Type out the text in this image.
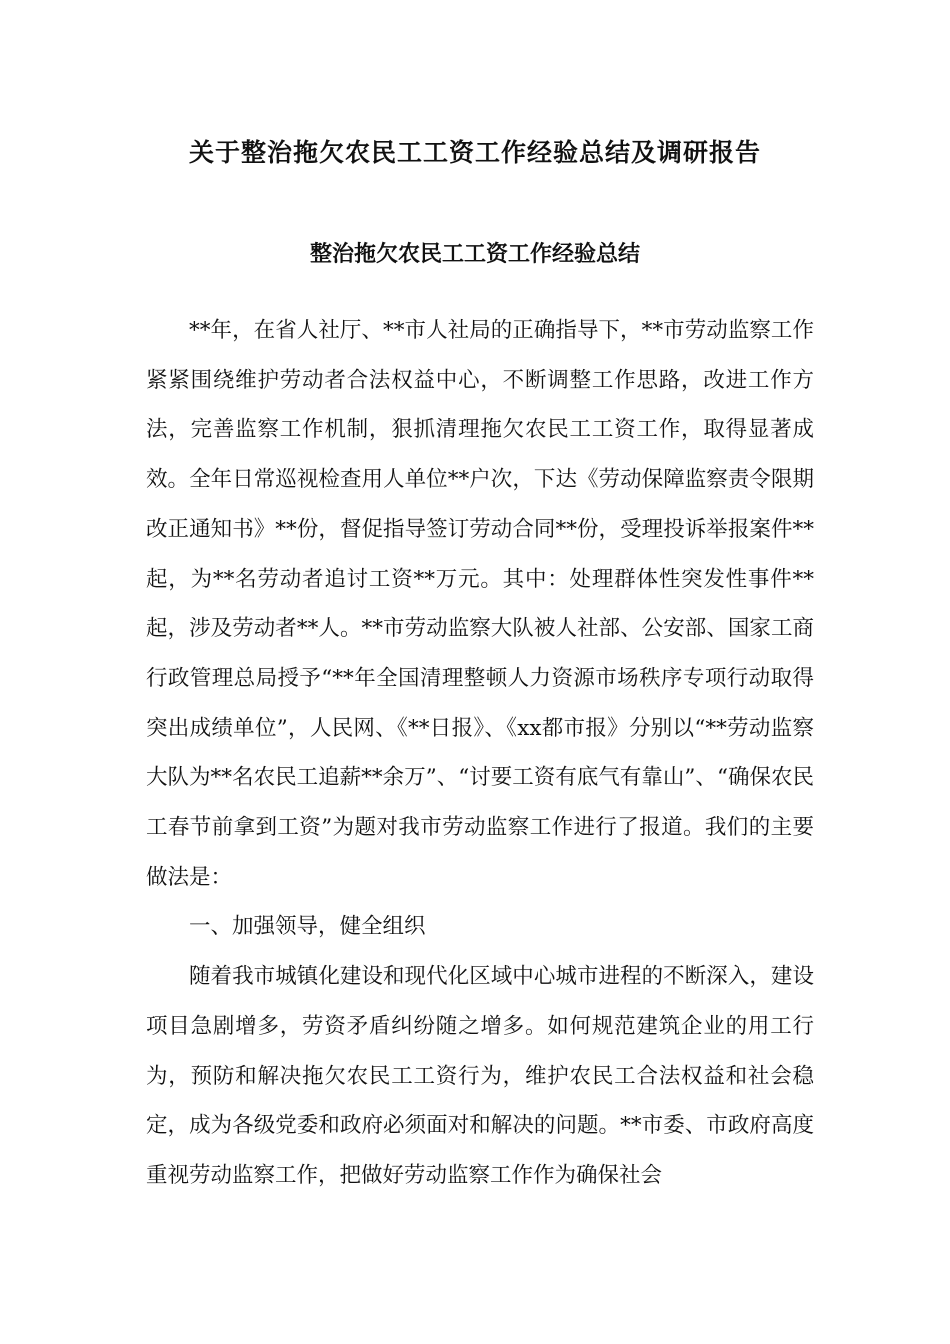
关于整治拖欠农民工工资工作经验总结及调研报告
整治拖欠农民工工资工作经验总结

**年，在省人社厅、**市人社局的正确指导下，**市劳动监察工作紧紧围绕维护劳动者合法权益中心，不断调整工作思路，改进工作方法，完善监察工作机制，狠抓清理拖欠农民工工资工作，取得显著成效。全年日常巡视检查用人单位**户次，下达《劳动保障监察责令限期改正通知书》**份，督促指导签订劳动合同**份，受理投诉举报案件**起，为**名劳动者追讨工资**万元。其中：处理群体性突发性事件**起，涉及劳动者**人。**市劳动监察大队被人社部、公安部、国家工商行政管理总局授予“**年全国清理整顿人力资源市场秩序专项行动取得突出成绩单位”，人民网、《**日报》、《xx都市报》分别以“**劳动监察大队为**名农民工追薪**余万”、“讨要工资有底气有靠山”、“确保农民工春节前拿到工资”为题对我市劳动监察工作进行了报道。我们的主要做法是：

一、加强领导，健全组织

随着我市城镇化建设和现代化区域中心城市进程的不断深入，建设项目急剧增多，劳资矛盾纠纷随之增多。如何规范建筑企业的用工行为，预防和解决拖欠农民工工资行为，维护农民工合法权益和社会稳定，成为各级党委和政府必须面对和解决的问题。**市委、市政府高度重视劳动监察工作，把做好劳动监察工作作为确保社会
